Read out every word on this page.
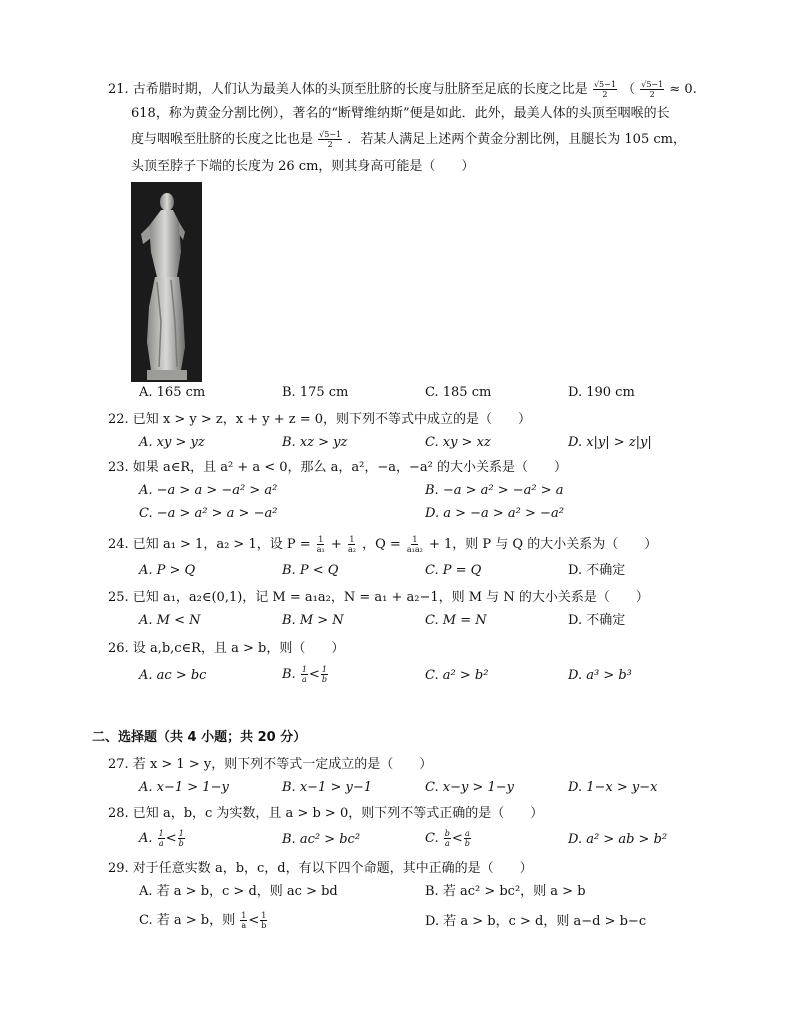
21. 古希腊时期，人们认为最美人体的头顶至肚脐的长度与肚脐至足底的长度之比是 $\frac{√5-1}{2}$ （ $\frac{√5-1}{2} \approx 0$.
618，称为黄金分割比例），著名的“断臂维纳斯”便是如此．此外，最美人体的头顶至咽喉的长
度与咽喉至肚脐的长度之比也是 $\frac{√5-1}{2}$ ．若某人满足上述两个黄金分割比例，且腿长为 105 cm，
头顶至脖子下端的长度为 26 cm，则其身高可能是（　　）
A. 165 cm	B. 175 cm	C. 185 cm	D. 190 cm
22. 已知 x > y > z，x + y + z = 0，则下列不等式中成立的是（　　）
A. xy > yz	B. xz > yz	C. xy > xz	D. x|y| > z|y|
23. 如果 a∈R，且 a² + a < 0，那么 a，a²，−a，−a² 的大小关系是（　　）
A. −a > a > −a² > a²	B. −a > a² > −a² > a
C. −a > a² > a > −a²	D. a > −a > a² > −a²
24. 已知 a₁ > 1，a₂ > 1，设 $P = \frac{1}{\text{a₁}} + \frac{1}{\text{a₂}}$ ，$Q = \frac{1}{\text{a₁a₂}} + 1$，则 P 与 Q 的大小关系为（　　）
A. P > Q	B. P < Q	C. P = Q	D. 不确定
25. 已知 a₁，a₂∈(0,1)，记 M = a₁a₂，N = a₁ + a₂−1，则 M 与 N 的大小关系是（　　）
A. M < N	B. M > N	C. M = N	D. 不确定
26. 设 a,b,c∈R，且 a > b，则（　　）
A. ac > bc	B. $\frac{1}{a} < \frac{1}{b}$	C. a² > b²	D. a³ > b³
二、选择题（共 4 小题；共 20 分）
27. 若 x > 1 > y，则下列不等式一定成立的是（　　）
A. x−1 > 1−y	B. x−1 > y−1	C. x−y > 1−y	D. 1−x > y−x
28. 已知 a，b，c 为实数，且 a > b > 0，则下列不等式正确的是（　　）
A. $\frac{1}{a} < \frac{1}{b}$	B. ac² > bc²	C. $\frac{b}{a} < \frac{a}{b}$	D. a² > ab > b²
29. 对于任意实数 a，b，c，d，有以下四个命题，其中正确的是（　　）
A. 若 a > b，c > d，则 ac > bd	B. 若 ac² > bc²，则 a > b
C. 若 a > b，则 $\frac{1}{a} < \frac{1}{b}$	D. 若 a > b，c > d，则 a−d > b−c
